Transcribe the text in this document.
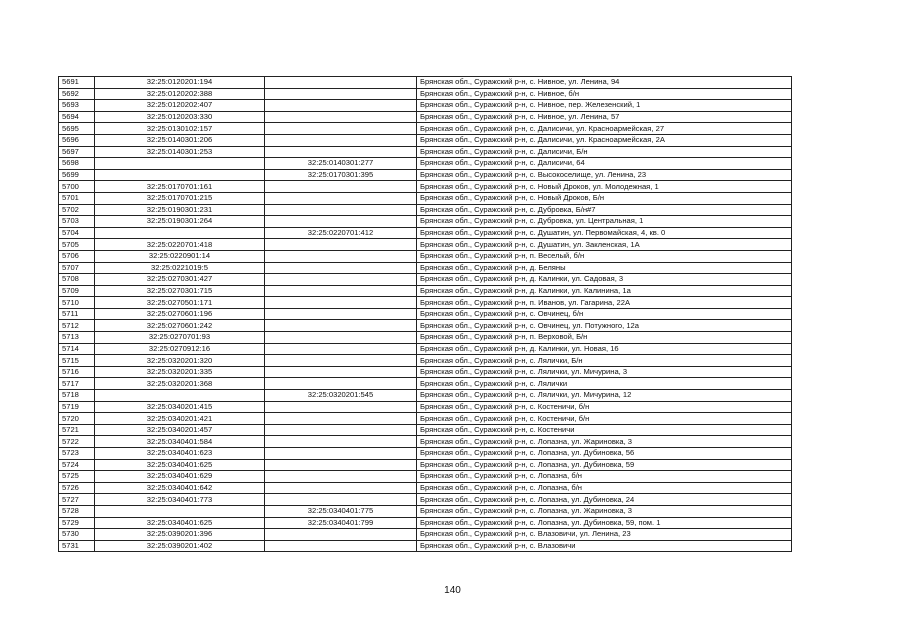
5691	32:25:0120201:194		Брянская обл., Суражский р-н, с. Нивное, ул. Ленина, 94
5692	32:25:0120202:388		Брянская обл., Суражский р-н, с. Нивное, б/н
5693	32:25:0120202:407		Брянская обл., Суражский р-н, с. Нивное, пер. Железенский, 1
5694	32:25:0120203:330		Брянская обл., Суражский р-н, с. Нивное, ул. Ленина, 57
5695	32:25:0130102:157		Брянская обл., Суражский р-н, с. Далисичи, ул. Красноармейская, 27
5696	32:25:0140301:206		Брянская обл., Суражский р-н, с. Далисичи, ул. Красноармейская, 2А
5697	32:25:0140301:253		Брянская обл., Суражский р-н, с. Далисичи, Б/н
5698		32:25:0140301:277	Брянская обл., Суражский р-н, с. Далисичи, 64
5699		32:25:0170301:395	Брянская обл., Суражский р-н, с. Высокоселище, ул. Ленина, 23
5700	32:25:0170701:161		Брянская обл., Суражский р-н, с. Новый Дроков, ул. Молодежная, 1
5701	32:25:0170701:215		Брянская обл., Суражский р-н, с. Новый Дроков, Б/н
5702	32:25:0190301:231		Брянская обл., Суражский р-н, с. Дубровка, Б/н#7
5703	32:25:0190301:264		Брянская обл., Суражский р-н, с. Дубровка, ул. Центральная, 1
5704		32:25:0220701:412	Брянская обл., Суражский р-н, с. Душатин, ул. Первомайская, 4, кв. 0
5705	32:25:0220701:418		Брянская обл., Суражский р-н, с. Душатин, ул. Закленская, 1А
5706	32:25:0220901:14		Брянская обл., Суражский р-н, п. Веселый, б/н
5707	32:25:0221019:5		Брянская обл., Суражский р-н, д. Беляны
5708	32:25:0270301:427		Брянская обл., Суражский р-н, д. Калинки, ул. Садовая, 3
5709	32:25:0270301:715		Брянская обл., Суражский р-н, д. Калинки, ул. Калинина, 1а
5710	32:25:0270501:171		Брянская обл., Суражский р-н, п. Иванов, ул. Гагарина, 22А
5711	32:25:0270601:196		Брянская обл., Суражский р-н, с. Овчинец, б/н
5712	32:25:0270601:242		Брянская обл., Суражский р-н, с. Овчинец, ул. Потужного, 12а
5713	32:25:0270701:93		Брянская обл., Суражский р-н, п. Верховой, Б/н
5714	32:25:0270912:16		Брянская обл., Суражский р-н, д. Калинки, ул. Новая, 16
5715	32:25:0320201:320		Брянская обл., Суражский р-н, с. Лялички, Б/н
5716	32:25:0320201:335		Брянская обл., Суражский р-н, с. Лялички, ул. Мичурина, 3
5717	32:25:0320201:368		Брянская обл., Суражский р-н, с. Лялички
5718		32:25:0320201:545	Брянская обл., Суражский р-н, с. Лялички, ул. Мичурина, 12
5719	32:25:0340201:415		Брянская обл., Суражский р-н, с. Костеничи, б/н
5720	32:25:0340201:421		Брянская обл., Суражский р-н, с. Костеничи, б/н
5721	32:25:0340201:457		Брянская обл., Суражский р-н, с. Костеничи
5722	32:25:0340401:584		Брянская обл., Суражский р-н, с. Лопазна, ул. Жариновка, 3
5723	32:25:0340401:623		Брянская обл., Суражский р-н, с. Лопазна, ул. Дубиновка, 56
5724	32:25:0340401:625		Брянская обл., Суражский р-н, с. Лопазна, ул. Дубиновка, 59
5725	32:25:0340401:629		Брянская обл., Суражский р-н, с. Лопазна, б/н
5726	32:25:0340401:642		Брянская обл., Суражский р-н, с. Лопазна, б/н
5727	32:25:0340401:773		Брянская обл., Суражский р-н, с. Лопазна, ул. Дубиновка, 24
5728		32:25:0340401:775	Брянская обл., Суражский р-н, с. Лопазна, ул. Жариновка, 3
5729	32:25:0340401:625	32:25:0340401:799	Брянская обл., Суражский р-н, с. Лопазна, ул. Дубиновка, 59, пом. 1
5730	32:25:0390201:396		Брянская обл., Суражский р-н, с. Влазовичи, ул. Ленина, 23
5731	32:25:0390201:402		Брянская обл., Суражский р-н, с. Влазовичи
140
